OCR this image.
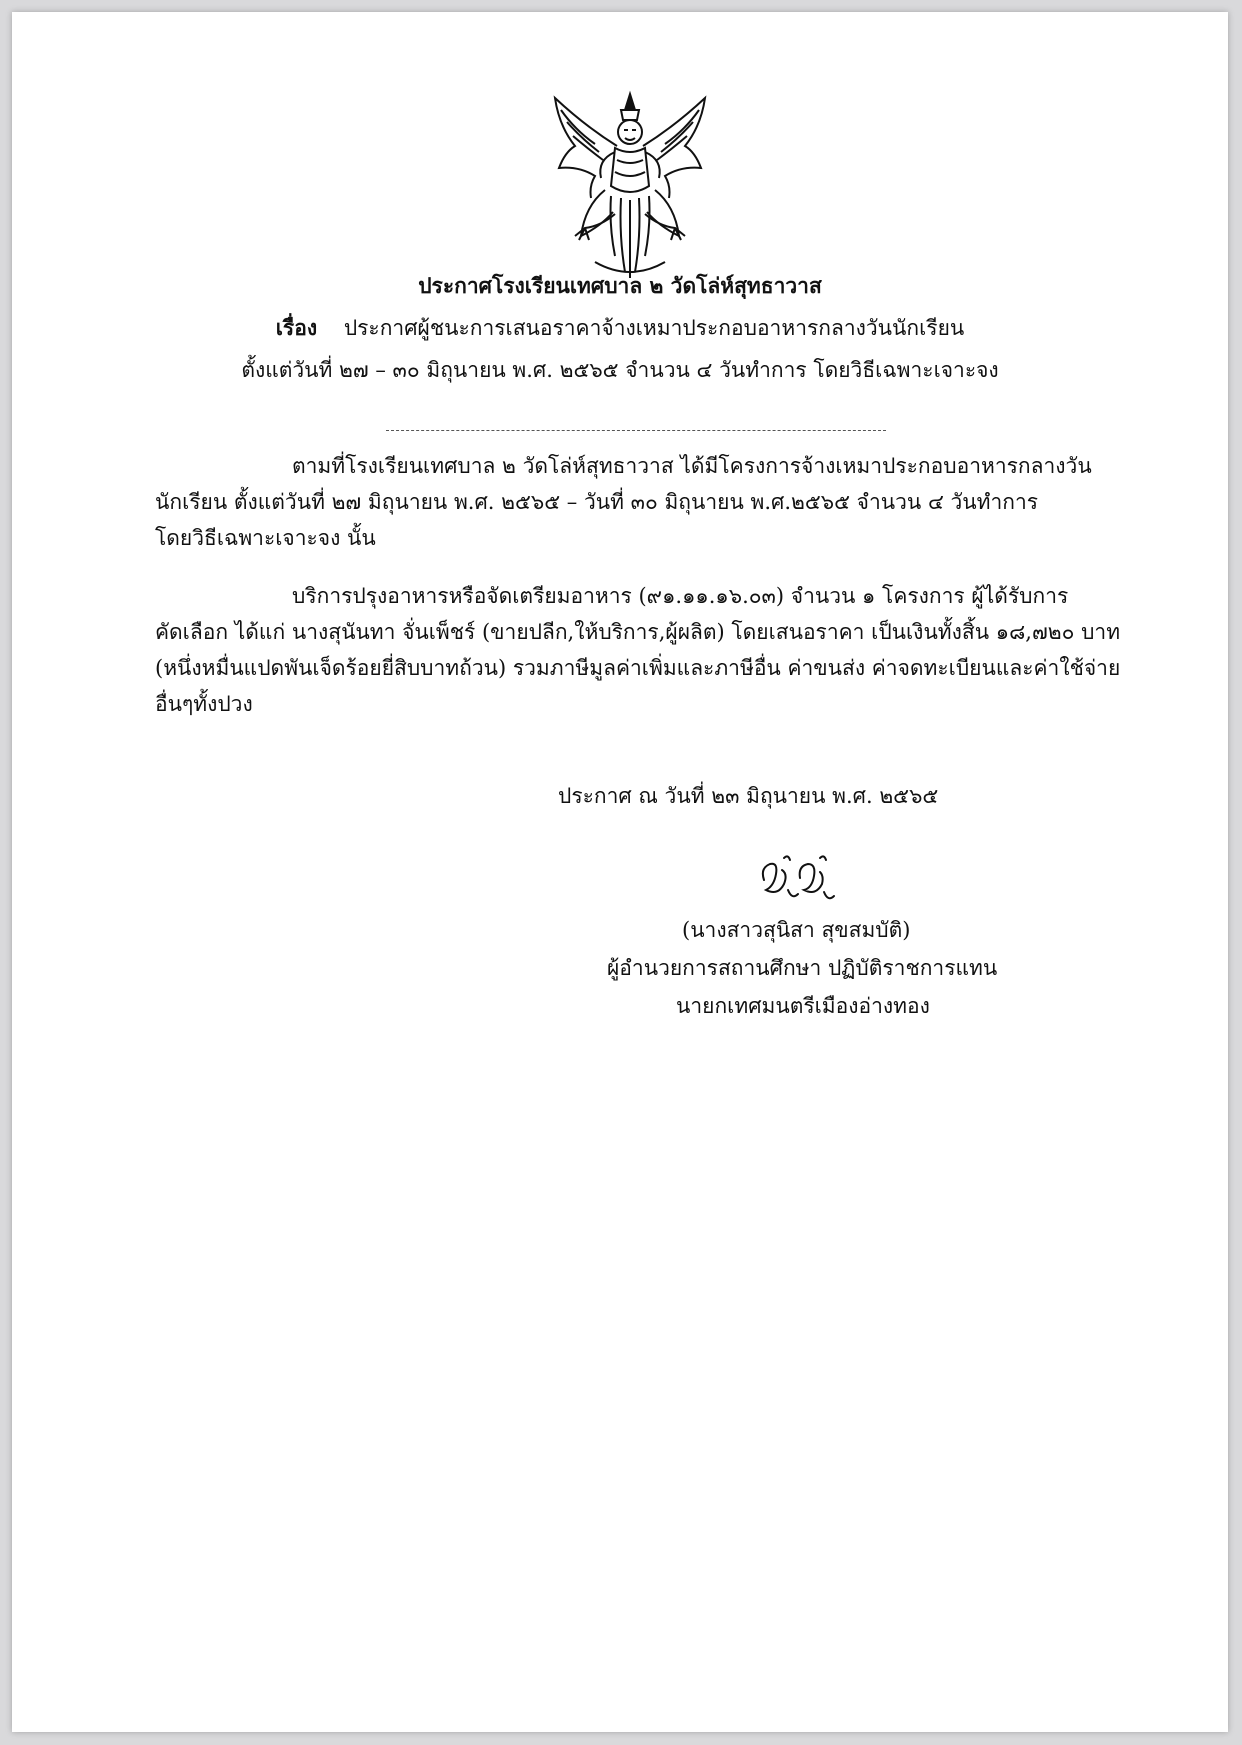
ประกาศโรงเรียนเทศบาล ๒ วัดโล่ห์สุทธาวาส
เรื่อง ประกาศผู้ชนะการเสนอราคาจ้างเหมาประกอบอาหารกลางวันนักเรียน
ตั้งแต่วันที่ ๒๗ – ๓๐ มิถุนายน พ.ศ. ๒๕๖๕ จำนวน ๔ วันทำการ โดยวิธีเฉพาะเจาะจง
ตามที่โรงเรียนเทศบาล ๒ วัดโล่ห์สุทธาวาส ได้มีโครงการจ้างเหมาประกอบอาหารกลางวัน
นักเรียน ตั้งแต่วันที่ ๒๗ มิถุนายน พ.ศ. ๒๕๖๕ – วันที่ ๓๐ มิถุนายน พ.ศ.๒๕๖๕ จำนวน ๔ วันทำการ
โดยวิธีเฉพาะเจาะจง นั้น
บริการปรุงอาหารหรือจัดเตรียมอาหาร (๙๑.๑๑.๑๖.๐๓) จำนวน ๑ โครงการ ผู้ได้รับการ
คัดเลือก ได้แก่ นางสุนันทา จั่นเพ็ชร์ (ขายปลีก,ให้บริการ,ผู้ผลิต) โดยเสนอราคา เป็นเงินทั้งสิ้น ๑๘,๗๒๐ บาท
(หนึ่งหมื่นแปดพันเจ็ดร้อยยี่สิบบาทถ้วน) รวมภาษีมูลค่าเพิ่มและภาษีอื่น ค่าขนส่ง ค่าจดทะเบียนและค่าใช้จ่าย
อื่นๆทั้งปวง
ประกาศ ณ วันที่ ๒๓ มิถุนายน พ.ศ. ๒๕๖๕
(นางสาวสุนิสา สุขสมบัติ)
ผู้อำนวยการสถานศึกษา ปฏิบัติราชการแทน
นายกเทศมนตรีเมืองอ่างทอง
